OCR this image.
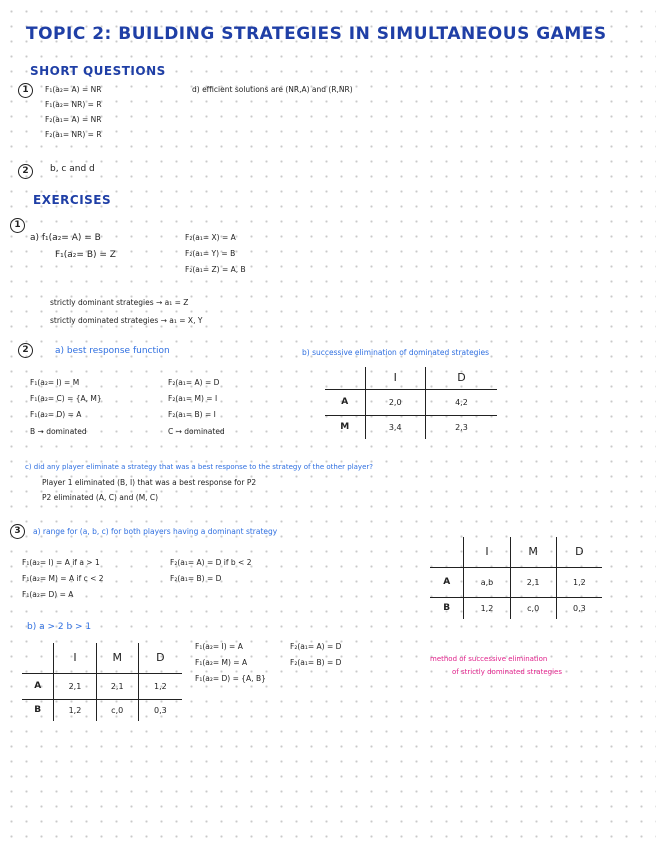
TOPIC 2: BUILDING STRATEGIES IN SIMULTANEOUS GAMES
SHORT QUESTIONS
1	F₁(a₂= A) = NR
F₁(a₂= NR) = R
F₂(a₁= A) = NR
F₂(a₁= NR) = R
d) efficient solutions are (NR,A) and (R,NR)
2	b, c and d
EXERCISES
1
a) f₁(a₂= A) = B
F₁(a₂= B) = Z
F₂(a₁= X) = A
F₂(a₁= Y) = B
F₂(a₁= Z) = A, B
strictly dominant strategies → a₁ = Z
strictly dominated strategies → a₁ = X, Y
2	a) best response function	b) successive elimination of dominated strategies
F₁(a₂= I) = M
F₁(a₂= C) = {A, M}
F₁(a₂= D) = A
B → dominated
F₂(a₁= A) = D
F₂(a₁= M) = I
F₂(a₁= B) = I
C → dominated
	I	D
A	2,0	4,2
M	3,4	2,3
c) did any player eliminate a strategy that was a best response to the strategy of the other player?
Player 1 eliminated (B, I) that was a best response for P2
P2 eliminated (A, C) and (M, C)
3	a) range for (a, b, c) for both players having a dominant strategy
F₁(a₂= I) = A if a > 1
F₁(a₂= M) = A if c < 2
F₁(a₂= D) = A
F₂(a₁= A) = D if b < 2
F₂(a₁= B) = D
	I	M	D
A	a,b	2,1	1,2
B	1,2	c,0	0,3
b) a > 2 b > 1
	I	M	D
A	2,1	2,1	1,2
B	1,2	c,0	0,3
F₁(a₂= I) = A
F₁(a₂= M) = A
F₁(a₂= D) = {A, B}
F₂(a₁= A) = D
F₂(a₁= B) = D	method of successive elimination
of strictly dominated strategies
